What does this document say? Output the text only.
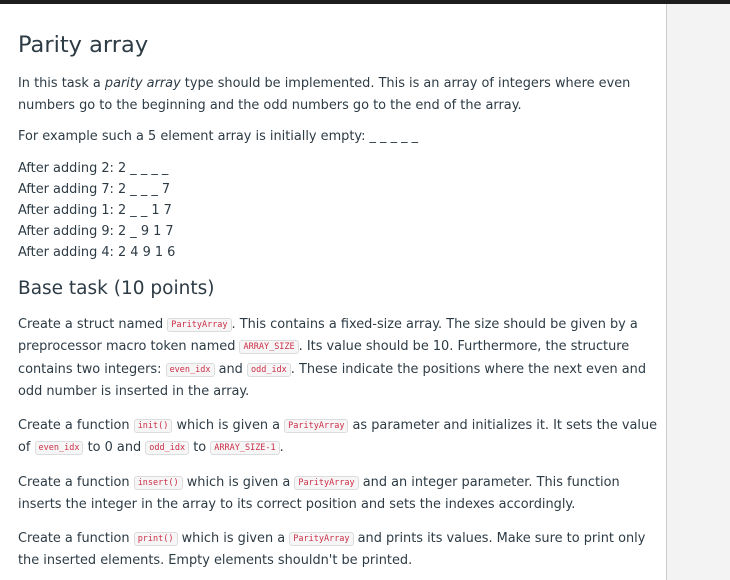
Parity array

In this task a parity array type should be implemented. This is an array of integers where even numbers go to the beginning and the odd numbers go to the end of the array.

For example such a 5 element array is initially empty: _ _ _ _ _

After adding 2: 2 _ _ _ _
After adding 7: 2 _ _ _ 7
After adding 1: 2 _ _ 1 7
After adding 9: 2 _ 9 1 7
After adding 4: 2 4 9 1 6
Base task (10 points)

Create a struct named ParityArray . This contains a fixed-size array. The size should be given by a preprocessor macro token named ARRAY_SIZE . Its value should be 10. Furthermore, the structure contains two integers: even_idx and odd_idx . These indicate the positions where the next even and odd number is inserted in the array.

Create a function init() which is given a ParityArray as parameter and initializes it. It sets the value of even_idx to 0 and odd_idx to ARRAY_SIZE-1 .

Create a function insert() which is given a ParityArray and an integer parameter. This function inserts the integer in the array to its correct position and sets the indexes accordingly.

Create a function print() which is given a ParityArray and prints its values. Make sure to print only the inserted elements. Empty elements shouldn't be printed.
